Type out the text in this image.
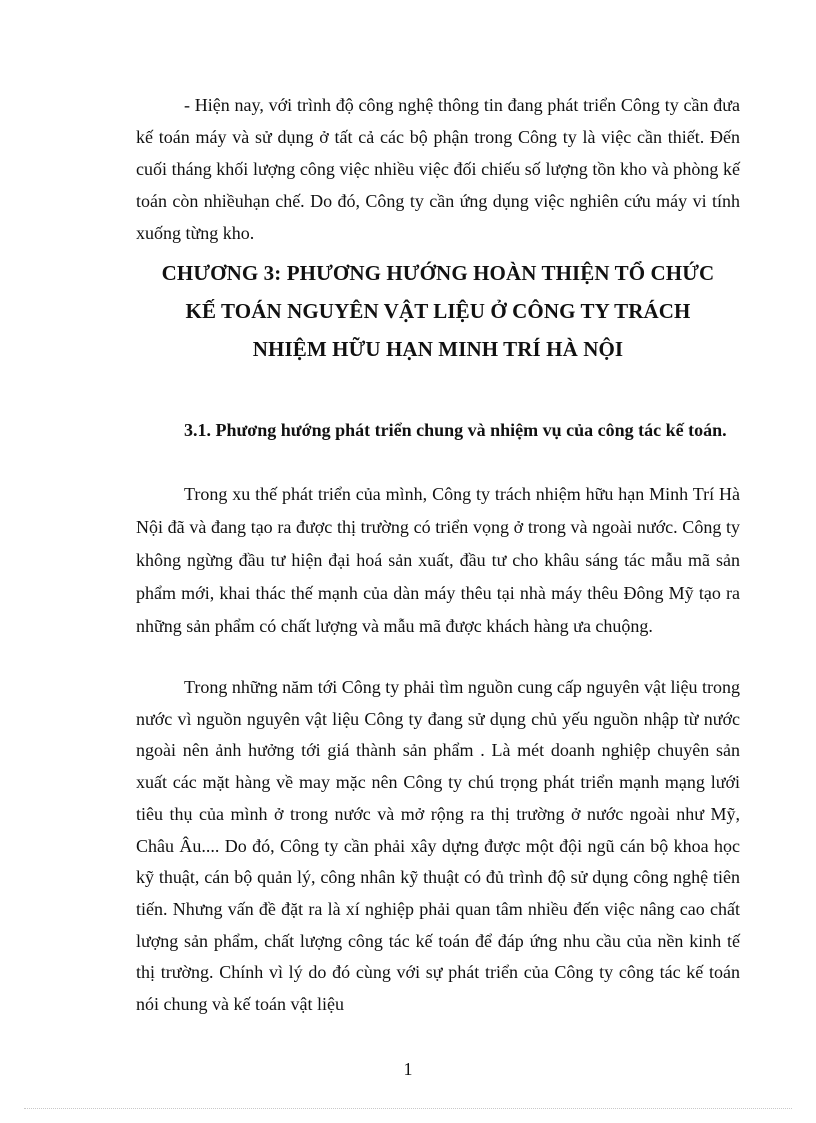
- Hiện nay, với trình độ công nghệ thông tin đang phát triển Công ty cần đưa kế toán máy và sử dụng ở tất cả các bộ phận trong Công ty là việc cần thiết. Đến cuối tháng khối lượng công việc nhiều việc đối chiếu số lượng tồn kho và phòng kế toán còn nhiềuhạn chế. Do đó, Công ty cần ứng dụng việc nghiên cứu máy vi tính xuống từng kho.

CHƯƠNG 3: PHƯƠNG HƯỚNG HOÀN THIỆN TỔ CHỨC
KẾ TOÁN NGUYÊN VẬT LIỆU Ở CÔNG TY TRÁCH
NHIỆM HỮU HẠN MINH TRÍ HÀ NỘI

3.1. Phương hướng phát triển chung và nhiệm vụ của công tác kế toán.

Trong xu thế phát triển của mình, Công ty trách nhiệm hữu hạn Minh Trí Hà Nội đã và đang tạo ra được thị trường có triển vọng ở trong và ngoài nước. Công ty không ngừng đầu tư hiện đại hoá sản xuất, đầu tư cho khâu sáng tác mẫu mã sản phẩm mới, khai thác thế mạnh của dàn máy thêu tại nhà máy thêu Đông Mỹ tạo ra những sản phẩm có chất lượng và mẫu mã được khách hàng ưa chuộng.

Trong những năm tới Công ty phải tìm nguồn cung cấp nguyên vật liệu trong nước vì nguồn nguyên vật liệu Công ty đang sử dụng chủ yếu nguồn nhập từ nước ngoài nên ảnh hưởng tới giá thành sản phẩm . Là mét doanh nghiệp chuyên sản xuất các mặt hàng về may mặc nên Công ty chú trọng phát triển mạnh mạng lưới tiêu thụ của mình ở trong nước và mở rộng ra thị trường ở nước ngoài như Mỹ, Châu Âu.... Do đó, Công ty cần phải xây dựng được một đội ngũ cán bộ khoa học kỹ thuật, cán bộ quản lý, công nhân kỹ thuật có đủ trình độ sử dụng công nghệ tiên tiến. Nhưng vấn đề đặt ra là xí nghiệp phải quan tâm nhiều đến việc nâng cao chất lượng sản phẩm, chất lượng công tác kế toán để đáp ứng nhu cầu của nền kinh tế thị trường. Chính vì lý do đó cùng với sự phát triển của Công ty công tác kế toán nói chung và kế toán vật liệu

1
